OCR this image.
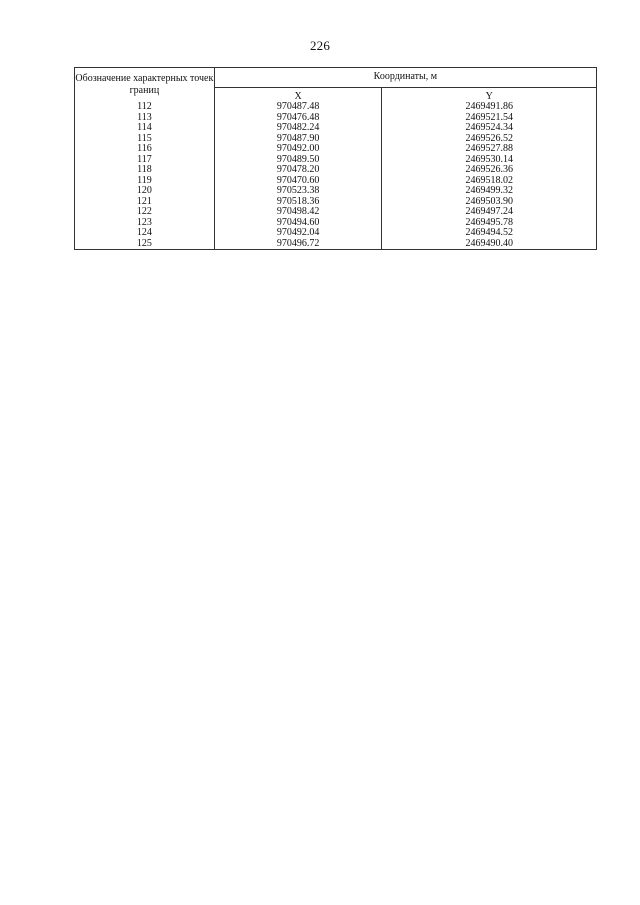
226
Обозначение характерных точек границ	Координаты, м	
	X	Y
112	970487.48	2469491.86
113	970476.48	2469521.54
114	970482.24	2469524.34
115	970487.90	2469526.52
116	970492.00	2469527.88
117	970489.50	2469530.14
118	970478.20	2469526.36
119	970470.60	2469518.02
120	970523.38	2469499.32
121	970518.36	2469503.90
122	970498.42	2469497.24
123	970494.60	2469495.78
124	970492.04	2469494.52
125	970496.72	2469490.40
